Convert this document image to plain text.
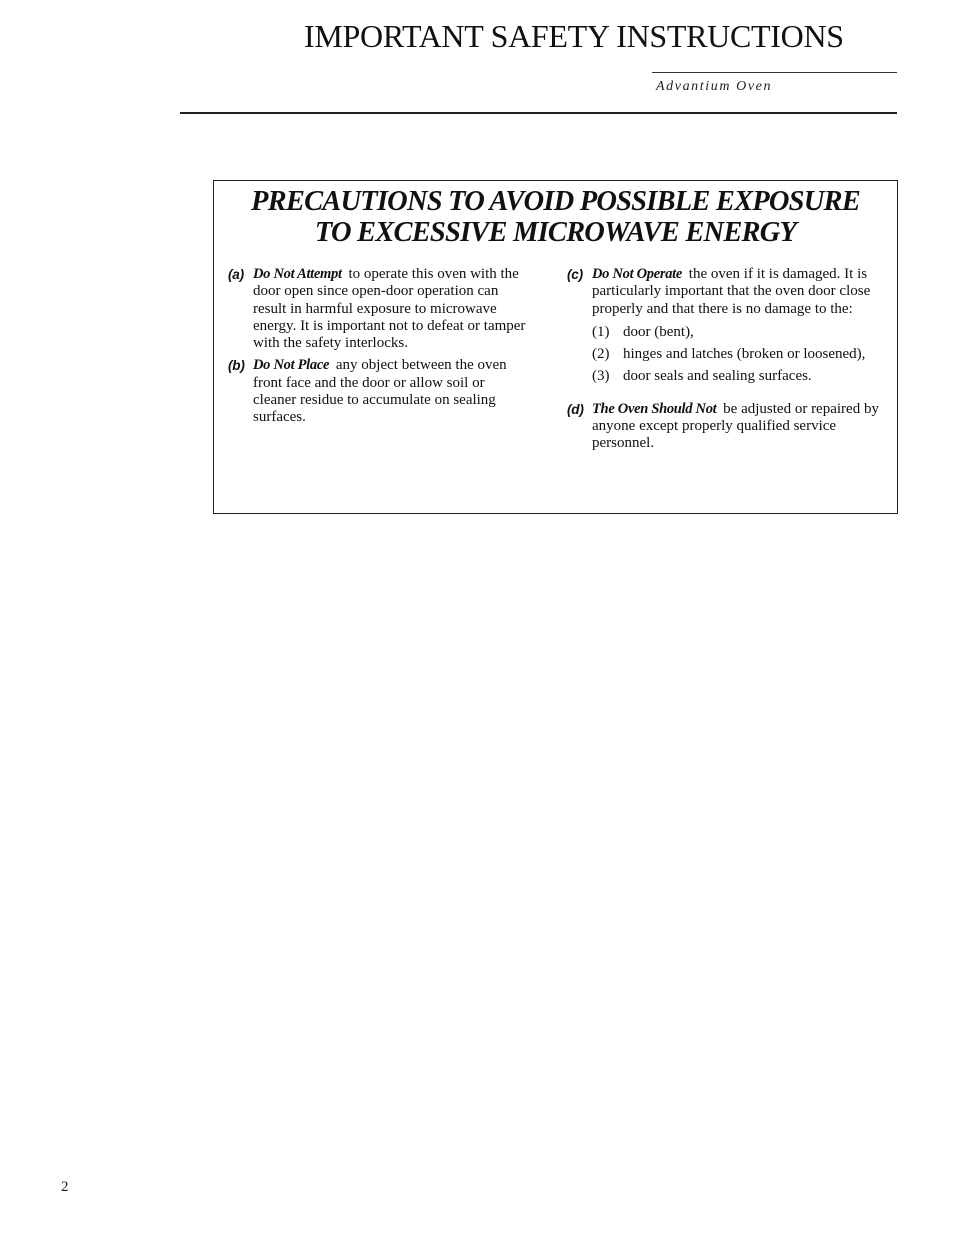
IMPORTANT SAFETY INSTRUCTIONS
Advantium Oven
PRECAUTIONS TO AVOID POSSIBLE EXPOSURE
TO EXCESSIVE MICROWAVE ENERGY
(a) Do Not Attempt to operate this oven with the door open since open-door operation can result in harmful exposure to microwave energy. It is important not to defeat or tamper with the safety interlocks.
(b) Do Not Place any object between the oven front face and the door or allow soil or cleaner residue to accumulate on sealing surfaces.
(c) Do Not Operate the oven if it is damaged. It is particularly important that the oven door close properly and that there is no damage to the:
(1) door (bent),
(2) hinges and latches (broken or loosened),
(3) door seals and sealing surfaces.
(d) The Oven Should Not be adjusted or repaired by anyone except properly qualified service personnel.
2
